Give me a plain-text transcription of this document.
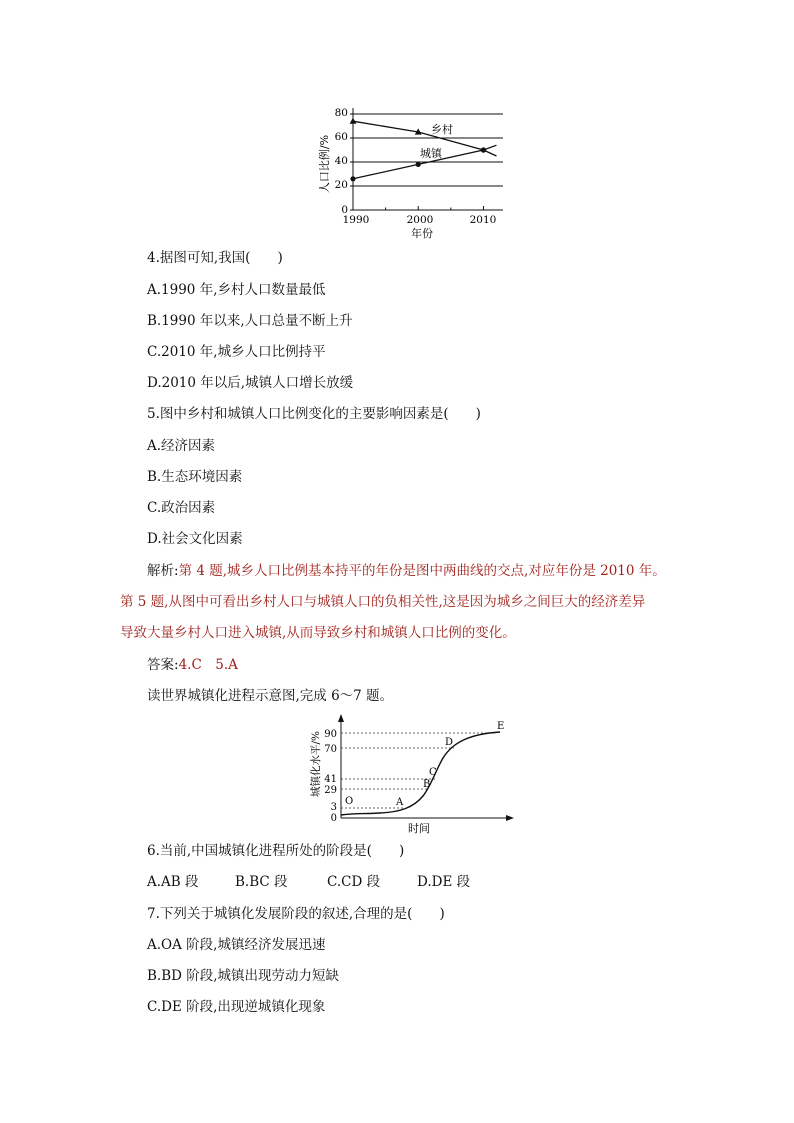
80
60
40
20
0
1990	2000	2010
年份
人口比例/%
乡村
城镇
4.据图可知,我国(　　)
A.1990 年,乡村人口数量最低
B.1990 年以来,人口总量不断上升
C.2010 年,城乡人口比例持平
D.2010 年以后,城镇人口增长放缓
5.图中乡村和城镇人口比例变化的主要影响因素是(　　)
A.经济因素
B.生态环境因素
C.政治因素
D.社会文化因素
解析:第 4 题,城乡人口比例基本持平的年份是图中两曲线的交点,对应年份是 2010 年。
第 5 题,从图中可看出乡村人口与城镇人口的负相关性,这是因为城乡之间巨大的经济差异
导致大量乡村人口进入城镇,从而导致乡村和城镇人口比例的变化。
答案:4.C　5.A
读世界城镇化进程示意图,完成 6～7 题。
90
70
41
29
3
0
O	A
B
C
D
E
时间
城镇化水平/%
6.当前,中国城镇化进程所处的阶段是(　　)
A.AB 段	B.BC 段	C.CD 段	D.DE 段
7.下列关于城镇化发展阶段的叙述,合理的是(　　)
A.OA 阶段,城镇经济发展迅速
B.BD 阶段,城镇出现劳动力短缺
C.DE 阶段,出现逆城镇化现象
